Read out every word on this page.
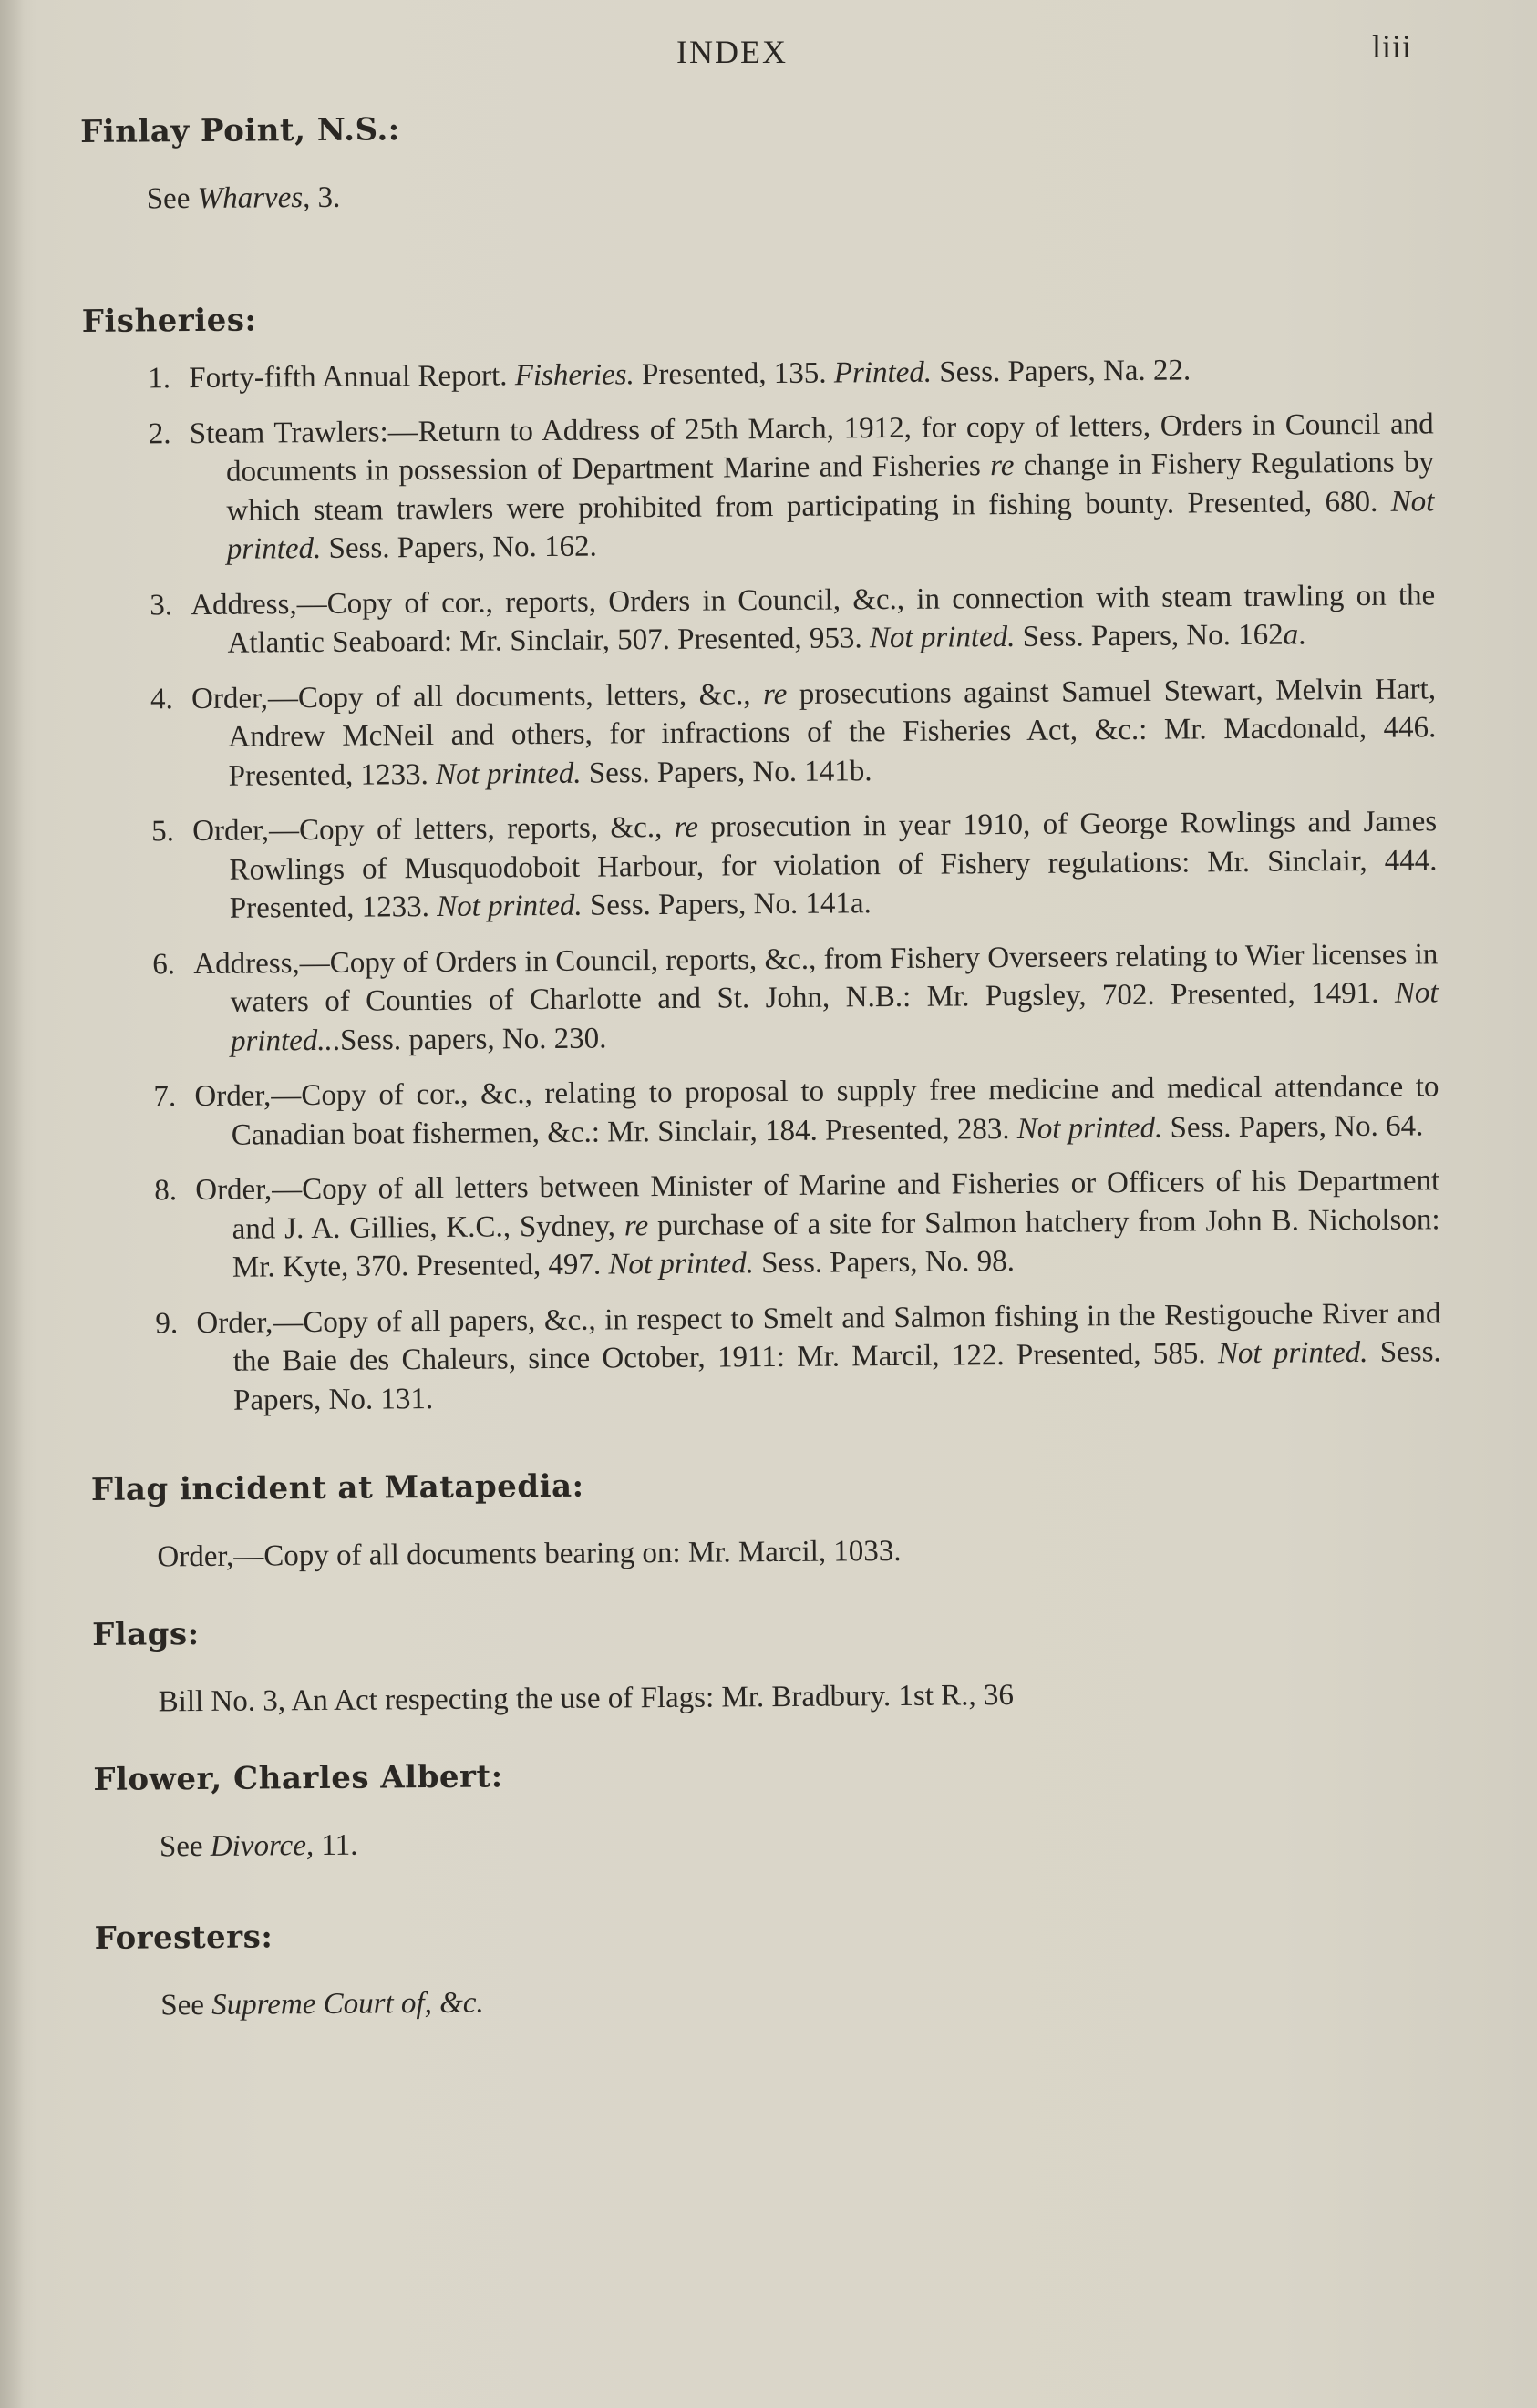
INDEX	liii

Finlay Point, N.S.:

See Wharves, 3.

Fisheries:

1. Forty-fifth Annual Report. Fisheries. Presented, 135. Printed. Sess. Papers, Na. 22.
2. Steam Trawlers:—Return to Address of 25th March, 1912, for copy of letters, Orders in Council and documents in possession of Department Marine and Fisheries re change in Fishery Regulations by which steam trawlers were prohibited from participating in fishing bounty. Presented, 680. Not printed. Sess. Papers, No. 162.
3. Address,—Copy of cor., reports, Orders in Council, &c., in connection with steam trawling on the Atlantic Seaboard: Mr. Sinclair, 507. Presented, 953. Not printed. Sess. Papers, No. 162a.
4. Order,—Copy of all documents, letters, &c., re prosecutions against Samuel Stewart, Melvin Hart, Andrew McNeil and others, for infractions of the Fisheries Act, &c.: Mr. Macdonald, 446. Presented, 1233. Not printed. Sess. Papers, No. 141b.
5. Order,—Copy of letters, reports, &c., re prosecution in year 1910, of George Rowlings and James Rowlings of Musquodoboit Harbour, for violation of Fishery regulations: Mr. Sinclair, 444. Presented, 1233. Not printed. Sess. Papers, No. 141a.
6. Address,—Copy of Orders in Council, reports, &c., from Fishery Overseers relating to Wier licenses in waters of Counties of Charlotte and St. John, N.B.: Mr. Pugsley, 702. Presented, 1491. Not printed...Sess. papers, No. 230.
7. Order,—Copy of cor., &c., relating to proposal to supply free medicine and medical attendance to Canadian boat fishermen, &c.: Mr. Sinclair, 184. Presented, 283. Not printed. Sess. Papers, No. 64.
8. Order,—Copy of all letters between Minister of Marine and Fisheries or Officers of his Department and J. A. Gillies, K.C., Sydney, re purchase of a site for Salmon hatchery from John B. Nicholson: Mr. Kyte, 370. Presented, 497. Not printed. Sess. Papers, No. 98.
9. Order,—Copy of all papers, &c., in respect to Smelt and Salmon fishing in the Restigouche River and the Baie des Chaleurs, since October, 1911: Mr. Marcil, 122. Presented, 585. Not printed. Sess. Papers, No. 131.

Flag incident at Matapedia:

Order,—Copy of all documents bearing on: Mr. Marcil, 1033.

Flags:

Bill No. 3, An Act respecting the use of Flags: Mr. Bradbury. 1st R., 36

Flower, Charles Albert:

See Divorce, 11.

Foresters:

See Supreme Court of, &c.
